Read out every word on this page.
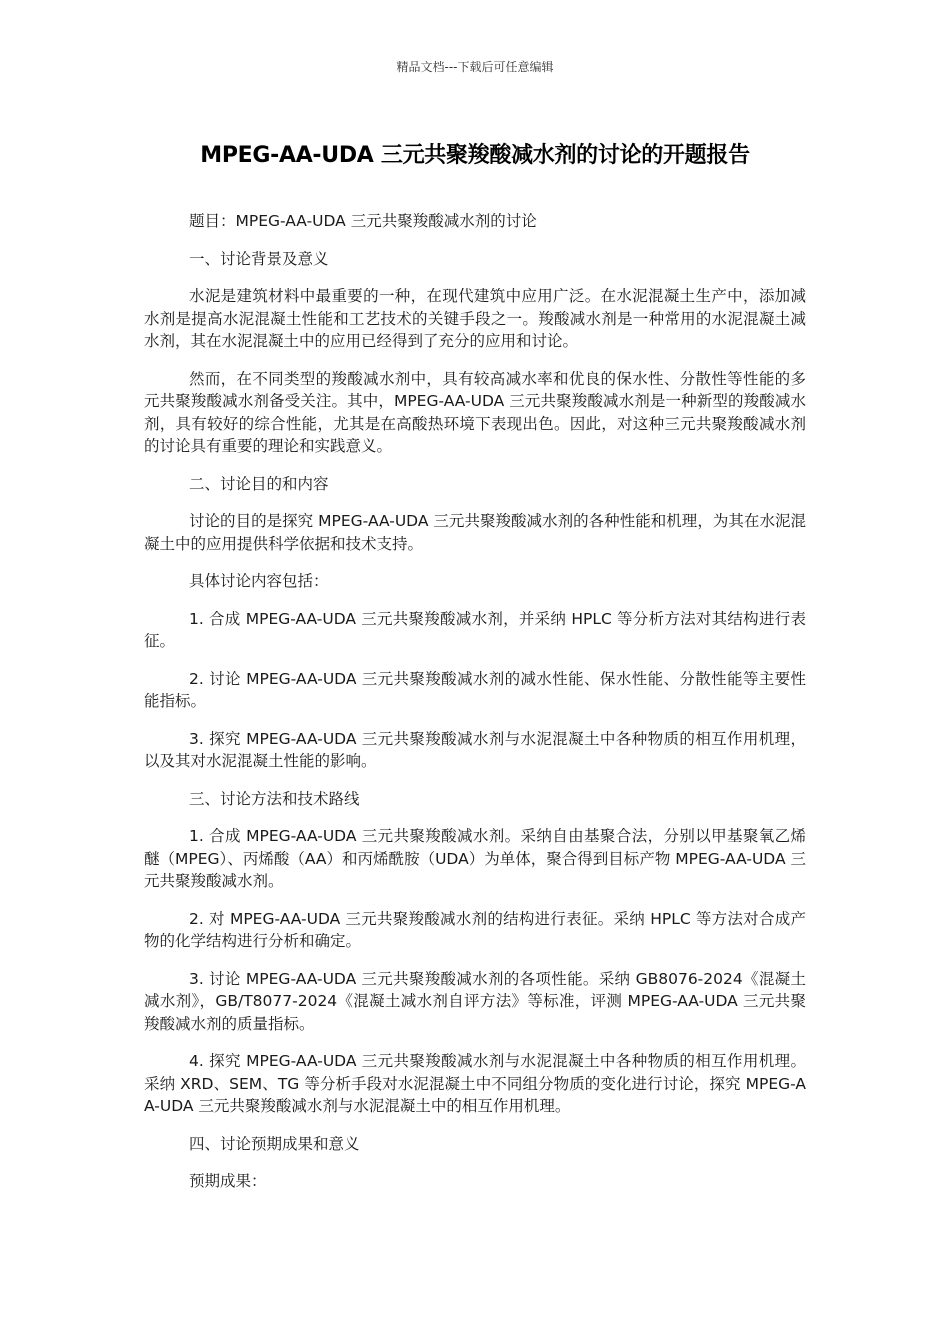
精品文档---下载后可任意编辑
MPEG-AA-UDA 三元共聚羧酸减水剂的讨论的开题报告

题目：MPEG-AA-UDA 三元共聚羧酸减水剂的讨论

一、讨论背景及意义

水泥是建筑材料中最重要的一种，在现代建筑中应用广泛。在水泥混凝土生产中，添加减水剂是提高水泥混凝土性能和工艺技术的关键手段之一。羧酸减水剂是一种常用的水泥混凝土减水剂，其在水泥混凝土中的应用已经得到了充分的应用和讨论。

然而，在不同类型的羧酸减水剂中，具有较高减水率和优良的保水性、分散性等性能的多元共聚羧酸减水剂备受关注。其中，MPEG-AA-UDA 三元共聚羧酸减水剂是一种新型的羧酸减水剂，具有较好的综合性能，尤其是在高酸热环境下表现出色。因此，对这种三元共聚羧酸减水剂的讨论具有重要的理论和实践意义。

二、讨论目的和内容

讨论的目的是探究 MPEG-AA-UDA 三元共聚羧酸减水剂的各种性能和机理，为其在水泥混凝土中的应用提供科学依据和技术支持。

具体讨论内容包括：

1. 合成 MPEG-AA-UDA 三元共聚羧酸减水剂，并采纳 HPLC 等分析方法对其结构进行表征。

2. 讨论 MPEG-AA-UDA 三元共聚羧酸减水剂的减水性能、保水性能、分散性能等主要性能指标。

3. 探究 MPEG-AA-UDA 三元共聚羧酸减水剂与水泥混凝土中各种物质的相互作用机理，以及其对水泥混凝土性能的影响。

三、讨论方法和技术路线

1. 合成 MPEG-AA-UDA 三元共聚羧酸减水剂。采纳自由基聚合法，分别以甲基聚氧乙烯醚（MPEG）、丙烯酸（AA）和丙烯酰胺（UDA）为单体，聚合得到目标产物 MPEG-AA-UDA 三元共聚羧酸减水剂。

2. 对 MPEG-AA-UDA 三元共聚羧酸减水剂的结构进行表征。采纳 HPLC 等方法对合成产物的化学结构进行分析和确定。

3. 讨论 MPEG-AA-UDA 三元共聚羧酸减水剂的各项性能。采纳 GB8076-2024《混凝土减水剂》，GB/T8077-2024《混凝土减水剂自评方法》等标准，评测 MPEG-AA-UDA 三元共聚羧酸减水剂的质量指标。

4. 探究 MPEG-AA-UDA 三元共聚羧酸减水剂与水泥混凝土中各种物质的相互作用机理。采纳 XRD、SEM、TG 等分析手段对水泥混凝土中不同组分物质的变化进行讨论，探究 MPEG-AA-UDA 三元共聚羧酸减水剂与水泥混凝土中的相互作用机理。

四、讨论预期成果和意义

预期成果：
